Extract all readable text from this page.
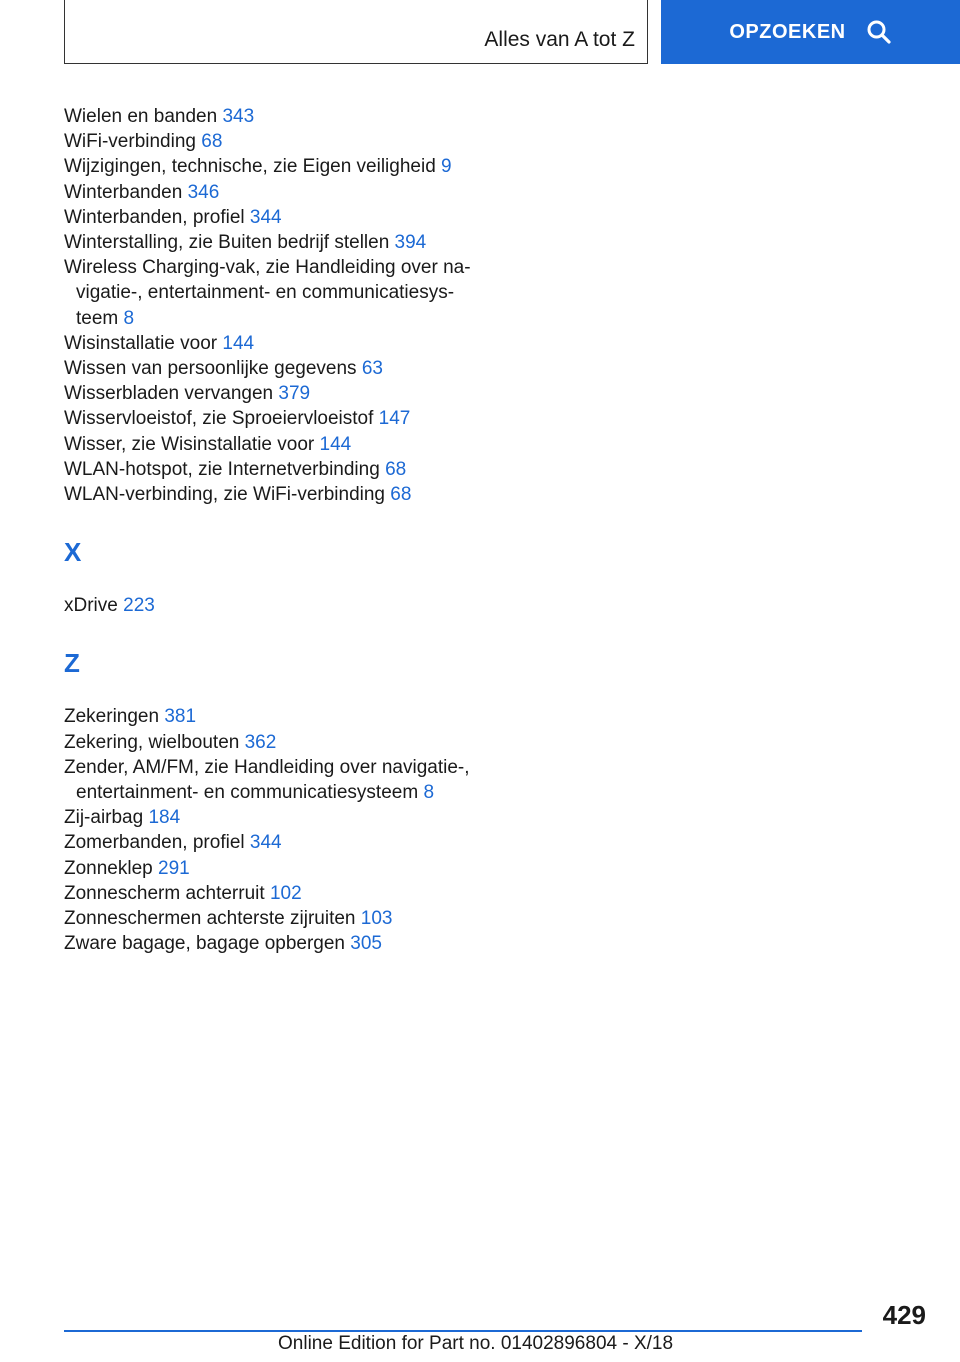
Alles van A tot Z	OPZOEKEN
Wielen en banden 343
WiFi-verbinding 68
Wijzigingen, technische, zie Eigen veiligheid 9
Winterbanden 346
Winterbanden, profiel 344
Winterstalling, zie Buiten bedrijf stellen 394
Wireless Charging-vak, zie Handleiding over navigatie-, entertainment- en communicatiesysteem 8
Wisinstallatie voor 144
Wissen van persoonlijke gegevens 63
Wisserbladen vervangen 379
Wisservloeistof, zie Sproeiervloeistof 147
Wisser, zie Wisinstallatie voor 144
WLAN-hotspot, zie Internetverbinding 68
WLAN-verbinding, zie WiFi-verbinding 68
X
xDrive 223
Z
Zekeringen 381
Zekering, wielbouten 362
Zender, AM/FM, zie Handleiding over navigatie-, entertainment- en communicatiesysteem 8
Zij-airbag 184
Zomerbanden, profiel 344
Zonneklep 291
Zonnescherm achterruit 102
Zonneschermen achterste zijruiten 103
Zware bagage, bagage opbergen 305
429
Online Edition for Part no. 01402896804 - X/18
